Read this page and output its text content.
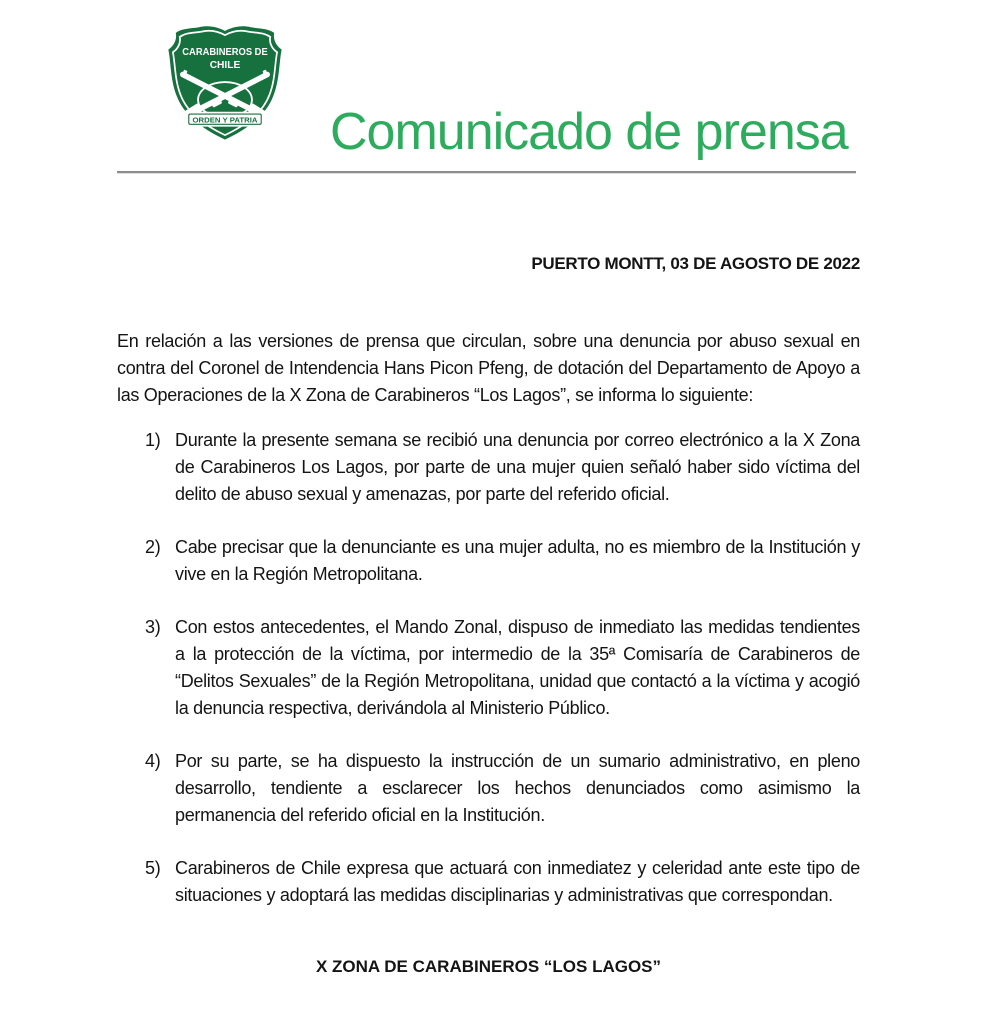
CARABINEROS DE
CHILE
ORDEN Y PATRIA Comunicado de prensa
PUERTO MONTT, 03 DE AGOSTO DE 2022

En relación a las versiones de prensa que circulan, sobre una denuncia por abuso sexual en contra del Coronel de Intendencia Hans Picon Pfeng, de dotación del Departamento de Apoyo a las Operaciones de la X Zona de Carabineros “Los Lagos”, se informa lo siguiente:

1) Durante la presente semana se recibió una denuncia por correo electrónico a la X Zona de Carabineros Los Lagos, por parte de una mujer quien señaló haber sido víctima del delito de abuso sexual y amenazas, por parte del referido oficial.
2) Cabe precisar que la denunciante es una mujer adulta, no es miembro de la Institución y vive en la Región Metropolitana.
3) Con estos antecedentes, el Mando Zonal, dispuso de inmediato las medidas tendientes a la protección de la víctima, por intermedio de la 35ª Comisaría de Carabineros de “Delitos Sexuales” de la Región Metropolitana, unidad que contactó a la víctima y acogió la denuncia respectiva, derivándola al Ministerio Público.
4) Por su parte, se ha dispuesto la instrucción de un sumario administrativo, en pleno desarrollo, tendiente a esclarecer los hechos denunciados como asimismo la permanencia del referido oficial en la Institución.
5) Carabineros de Chile expresa que actuará con inmediatez y celeridad ante este tipo de situaciones y adoptará las medidas disciplinarias y administrativas que correspondan.
X ZONA DE CARABINEROS “LOS LAGOS”
